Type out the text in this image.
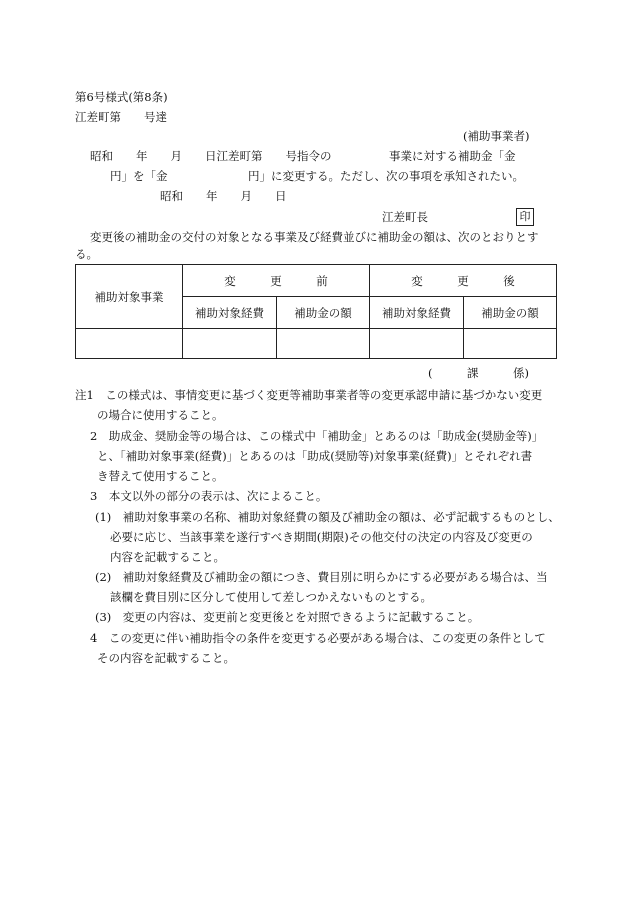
第6号様式(第8条)
江差町第　　号達
(補助事業者)
昭和　　年　　月　　日江差町第　　号指令の　　　　　事業に対する補助金「金
円」を「金　　　　　　　円」に変更する。ただし、次の事項を承知されたい。
昭和　　年　　月　　日
江差町長	印
変更後の補助金の交付の対象となる事業及び経費並びに補助金の額は、次のとおりとす
る。
補助対象事業	変　　　更　　　前		変　　　更　　　後	
	補助対象経費	補助金の額	補助対象経費	補助金の額

(　　　課　　　係)
注1　この様式は、事情変更に基づく変更等補助事業者等の変更承認申請に基づかない変更
の場合に使用すること。
2　助成金、奨励金等の場合は、この様式中「補助金」とあるのは「助成金(奨励金等)」
と、「補助対象事業(経費)」とあるのは「助成(奨励等)対象事業(経費)」とそれぞれ書
き替えて使用すること。
3　本文以外の部分の表示は、次によること。
(1)　補助対象事業の名称、補助対象経費の額及び補助金の額は、必ず記載するものとし、
必要に応じ、当該事業を遂行すべき期間(期限)その他交付の決定の内容及び変更の
内容を記載すること。
(2)　補助対象経費及び補助金の額につき、費目別に明らかにする必要がある場合は、当
該欄を費目別に区分して使用して差しつかえないものとする。
(3)　変更の内容は、変更前と変更後とを対照できるように記載すること。
4　この変更に伴い補助指令の条件を変更する必要がある場合は、この変更の条件として
その内容を記載すること。
